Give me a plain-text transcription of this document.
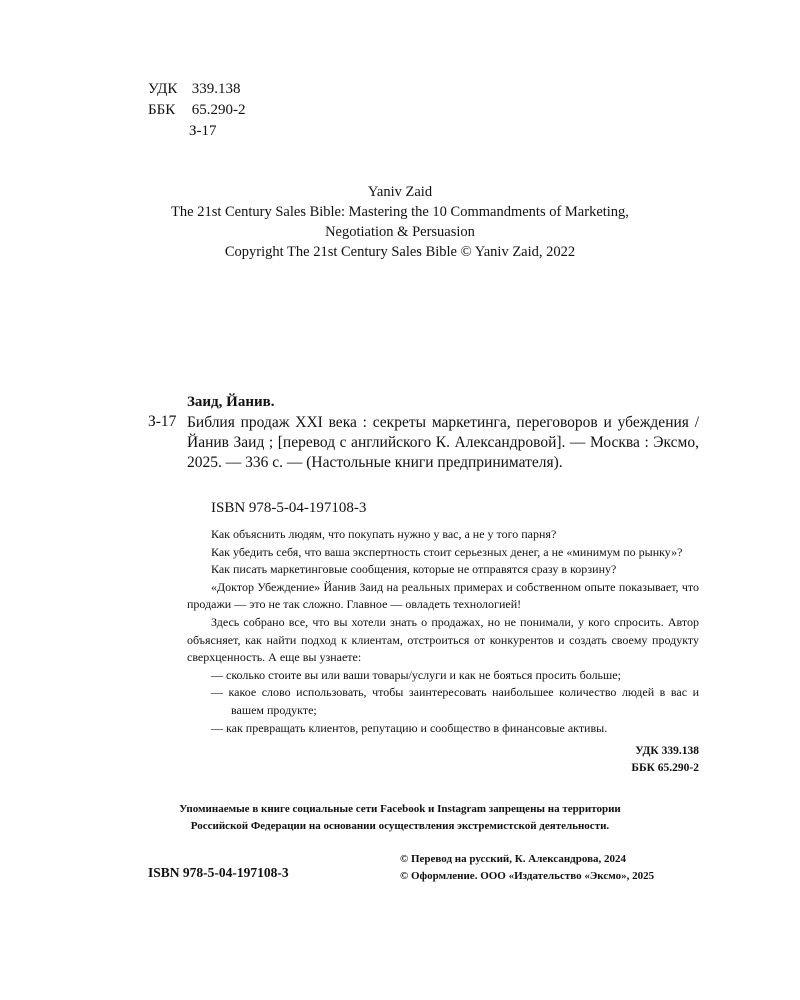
УДК 339.138
ББК 65.290-2
З-17
Yaniv Zaid
The 21st Century Sales Bible: Mastering the 10 Commandments of Marketing,
Negotiation & Persuasion
Copyright The 21st Century Sales Bible © Yaniv Zaid, 2022
Заид, Йанив.
З-17 Библия продаж XXI века : секреты маркетинга, переговоров и убеждения / Йанив Заид ; [перевод с английского К. Александровой]. — Москва : Эксмо, 2025. — 336 с. — (Настольные книги предпринимателя).
ISBN 978-5-04-197108-3

Как объяснить людям, что покупать нужно у вас, а не у того парня?

Как убедить себя, что ваша экспертность стоит серьезных денег, а не «минимум по рынку»?

Как писать маркетинговые сообщения, которые не отправятся сразу в корзину?

«Доктор Убеждение» Йанив Заид на реальных примерах и собственном опыте показывает, что продажи — это не так сложно. Главное — овладеть технологией!

Здесь собрано все, что вы хотели знать о продажах, но не понимали, у кого спросить. Автор объясняет, как найти подход к клиентам, отстроиться от конкурентов и создать своему продукту сверхценность. А еще вы узнаете:

— сколько стоите вы или ваши товары/услуги и как не бояться просить больше;
— какое слово использовать, чтобы заинтересовать наибольшее количество людей в вас и вашем продукте;
— как превращать клиентов, репутацию и сообщество в финансовые активы.
УДК 339.138
ББК 65.290-2
Упоминаемые в книге социальные сети Facebook и Instagram запрещены на территории
Российской Федерации на основании осуществления экстремистской деятельности.
ISBN 978-5-04-197108-3
© Перевод на русский, К. Александрова, 2024
© Оформление. ООО «Издательство «Эксмо», 2025
